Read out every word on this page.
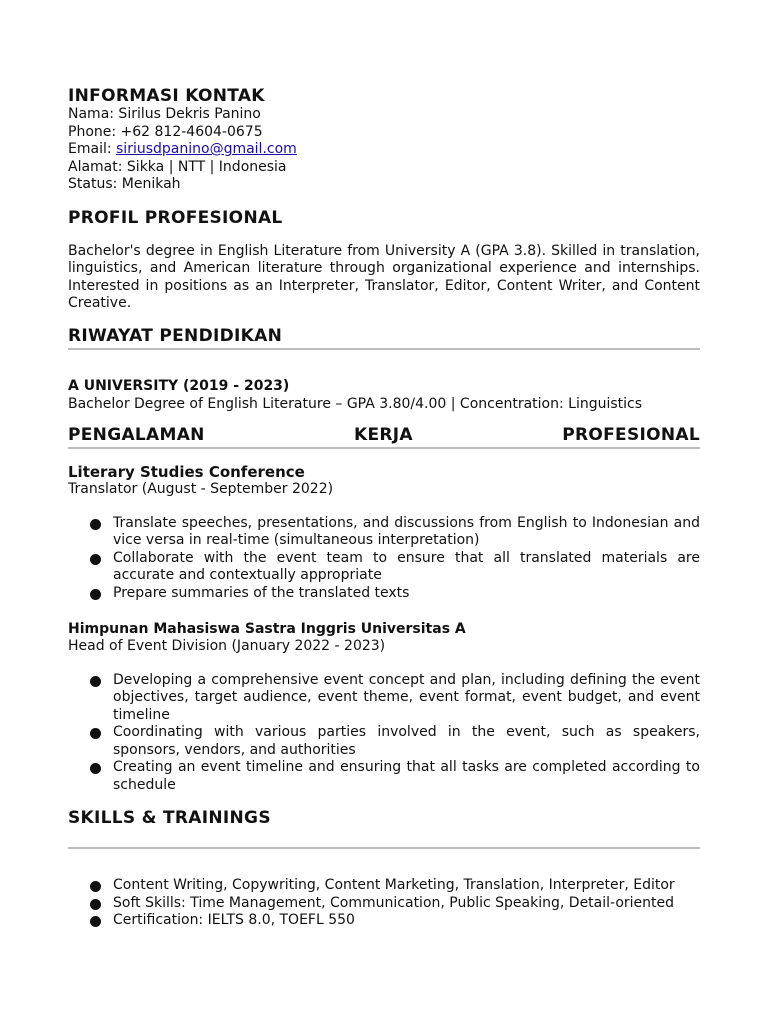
INFORMASI KONTAK

Nama: Sirilus Dekris Panino

Phone: +62 812-4604-0675

Email: siriusdpanino@gmail.com

Alamat: Sikka | NTT | Indonesia

Status: Menikah

PROFIL PROFESIONAL

Bachelor's degree in English Literature from University A (GPA 3.8). Skilled in translation, linguistics, and American literature through organizational experience and internships. Interested in positions as an Interpreter, Translator, Editor, Content Writer, and Content Creative.

RIWAYAT PENDIDIKAN

A UNIVERSITY (2019 - 2023)

Bachelor Degree of English Literature – GPA 3.80/4.00 | Concentration: Linguistics

PENGALAMAN	KERJA	PROFESIONAL

Literary Studies Conference

Translator (August - September 2022)

Translate speeches, presentations, and discussions from English to Indonesian and vice versa in real-time (simultaneous interpretation)
Collaborate with the event team to ensure that all translated materials are accurate and contextually appropriate
Prepare summaries of the translated texts

Himpunan Mahasiswa Sastra Inggris Universitas A

Head of Event Division (January 2022 - 2023)

Developing a comprehensive event concept and plan, including defining the event objectives, target audience, event theme, event format, event budget, and event timeline
Coordinating with various parties involved in the event, such as speakers, sponsors, vendors, and authorities
Creating an event timeline and ensuring that all tasks are completed according to schedule
SKILLS & TRAININGS
Content Writing, Copywriting, Content Marketing, Translation, Interpreter, Editor
Soft Skills: Time Management, Communication, Public Speaking, Detail-oriented
Certification: IELTS 8.0, TOEFL 550
